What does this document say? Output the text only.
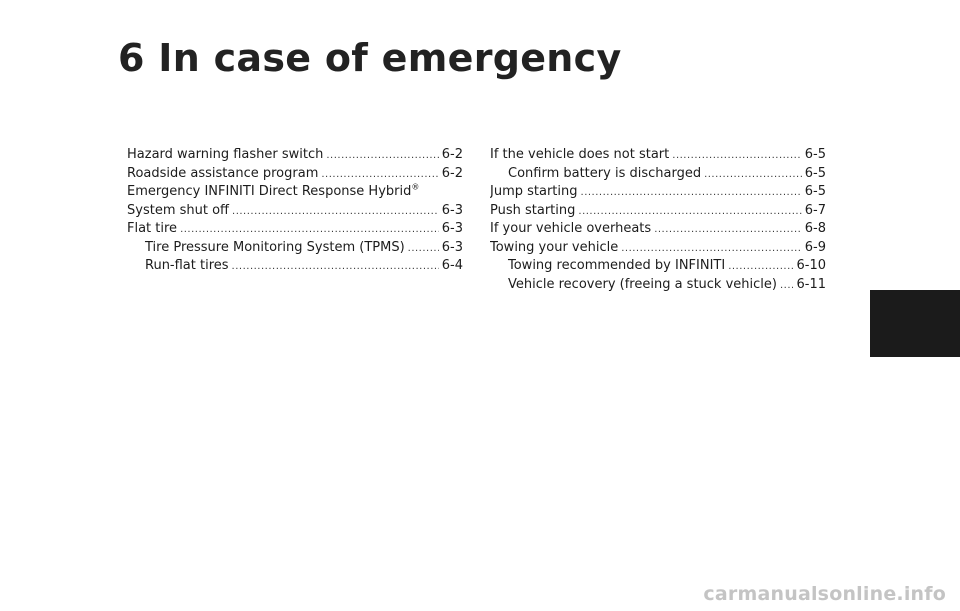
6 In case of emergency
Hazard warning flasher switch .....	6-2
Roadside assistance program .....	6-2
Emergency INFINITI Direct Response Hybrid®
System shut off .....	6-3
Flat tire .....	6-3
Tire Pressure Monitoring System (TPMS) .....	6-3
Run-flat tires .....	6-4
If the vehicle does not start .....	6-5
Confirm battery is discharged .....	6-5
Jump starting .....	6-5
Push starting .....	6-7
If your vehicle overheats .....	6-8
Towing your vehicle .....	6-9
Towing recommended by INFINITI .....	6-10
Vehicle recovery (freeing a stuck vehicle) ..... 6-11
carmanualsonline.info
